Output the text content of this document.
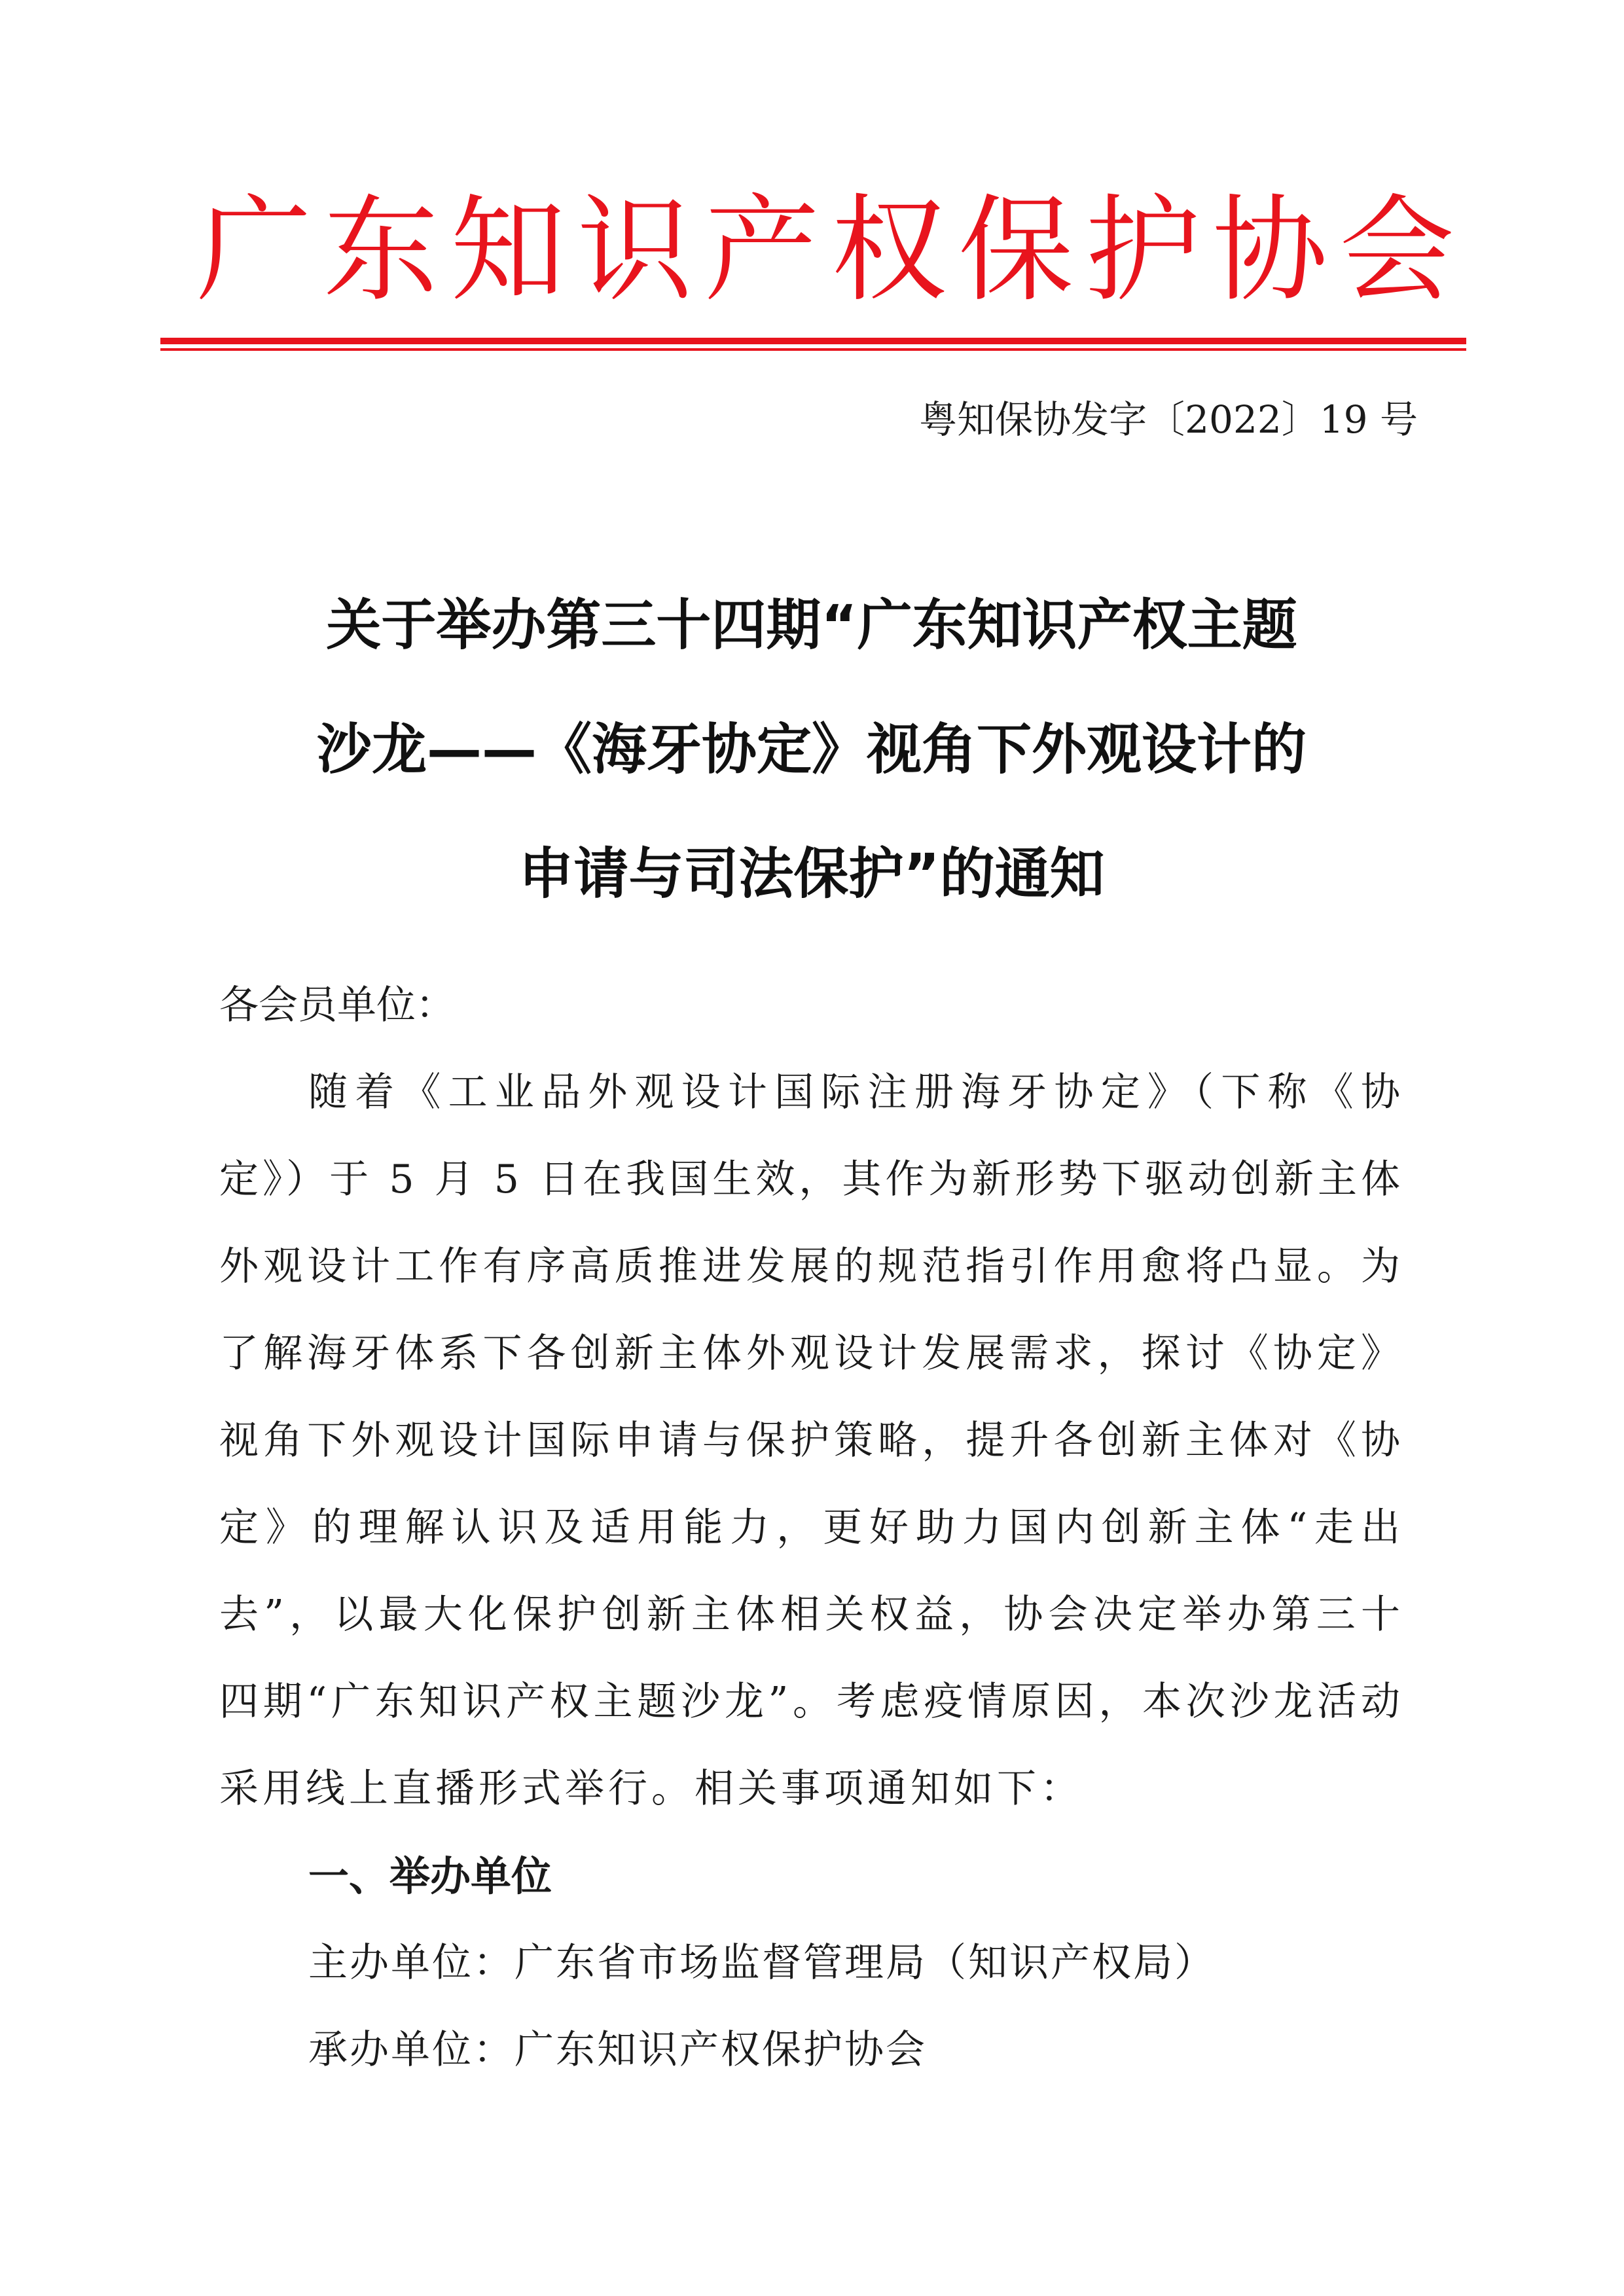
广东知识产权保护协会
粤知保协发字〔2022〕19 号
关于举办第三十四期“广东知识产权主题
沙龙——《海牙协定》视角下外观设计的
申请与司法保护”的通知

各会员单位：

随着《工业品外观设计国际注册海牙协定》（下称《协定》）于 5 月 5 日在我国生效，其作为新形势下驱动创新主体外观设计工作有序高质推进发展的规范指引作用愈将凸显。为了解海牙体系下各创新主体外观设计发展需求，探讨《协定》视角下外观设计国际申请与保护策略，提升各创新主体对《协定》的理解认识及适用能力，更好助力国内创新主体“走出去”，以最大化保护创新主体相关权益，协会决定举办第三十四期“广东知识产权主题沙龙”。考虑疫情原因，本次沙龙活动采用线上直播形式举行。相关事项通知如下：

一、举办单位

主办单位：广东省市场监督管理局（知识产权局）

承办单位：广东知识产权保护协会
